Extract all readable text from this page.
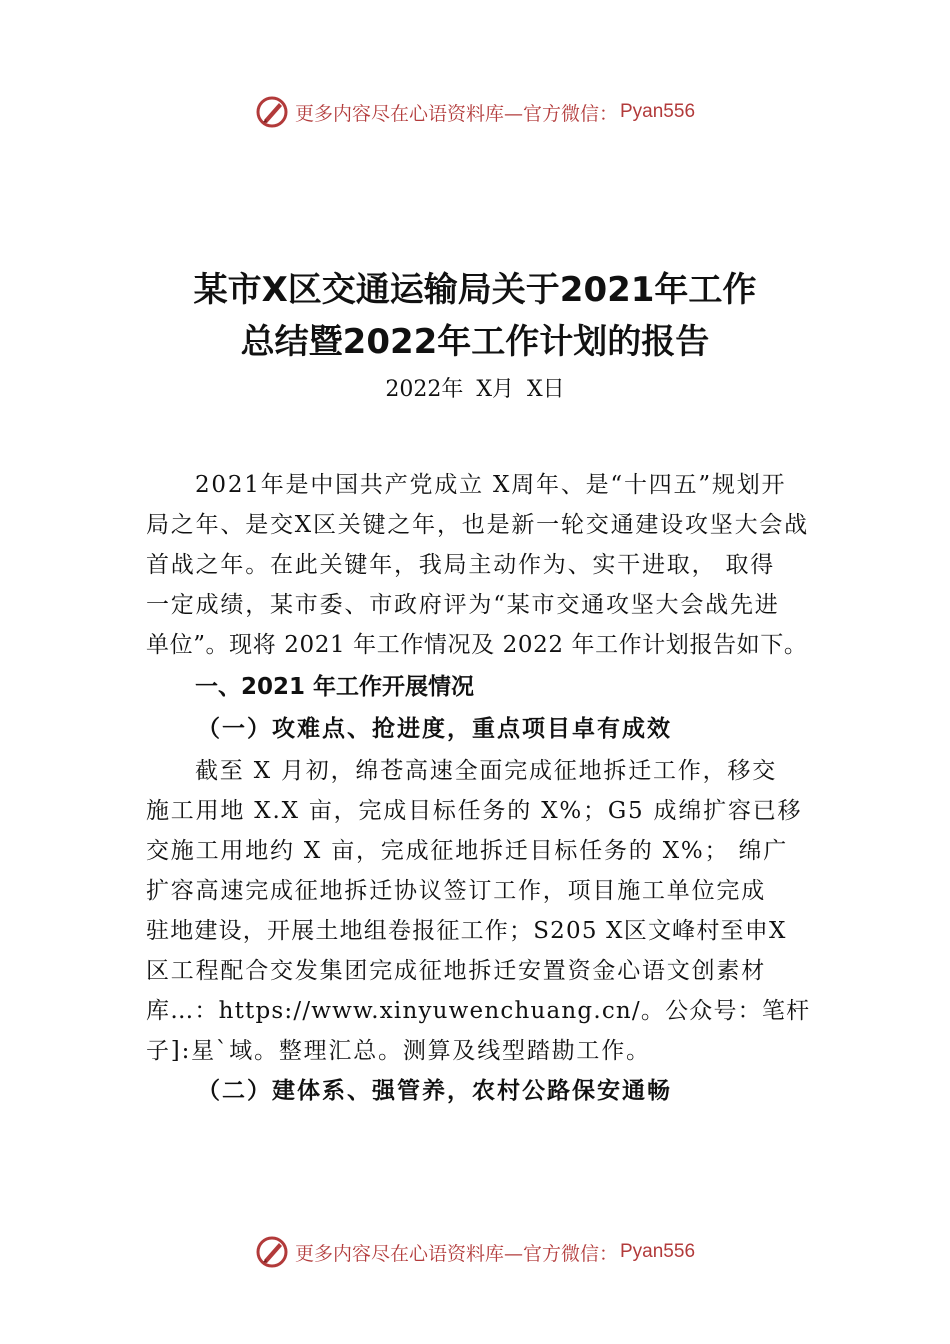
更多内容尽在心语资料库—官方微信： Pyan556
某市X区交通运输局关于2021年工作
总结暨2022年工作计划的报告
2022年 X月 X日
2021年是中国共产党成立 X周年、是“十四五”规划开
局之年、是交X区关键之年，也是新一轮交通建设攻坚大会战
首战之年。在此关键年，我局主动作为、实干进取， 取得
一定成绩，某市委、市政府评为“某市交通攻坚大会战先进
单位”。现将 2021 年工作情况及 2022 年工作计划报告如下。
一、2021 年工作开展情况
（一）攻难点、抢进度，重点项目卓有成效
截至 X 月初，绵苍高速全面完成征地拆迁工作，移交
施工用地 X.X 亩，完成目标任务的 X%；G5 成绵扩容已移
交施工用地约 X 亩，完成征地拆迁目标任务的 X%； 绵广
扩容高速完成征地拆迁协议签订工作，项目施工单位完成
驻地建设，开展土地组卷报征工作；S205 X区文峰村至申X
区工程配合交发集团完成征地拆迁安置资金心语文创素材
库…：https://www.xinyuwenchuang.cn/。公众号：笔杆
子]:星`域。整理汇总。测算及线型踏勘工作。
（二）建体系、强管养，农村公路保安通畅
更多内容尽在心语资料库—官方微信： Pyan556
